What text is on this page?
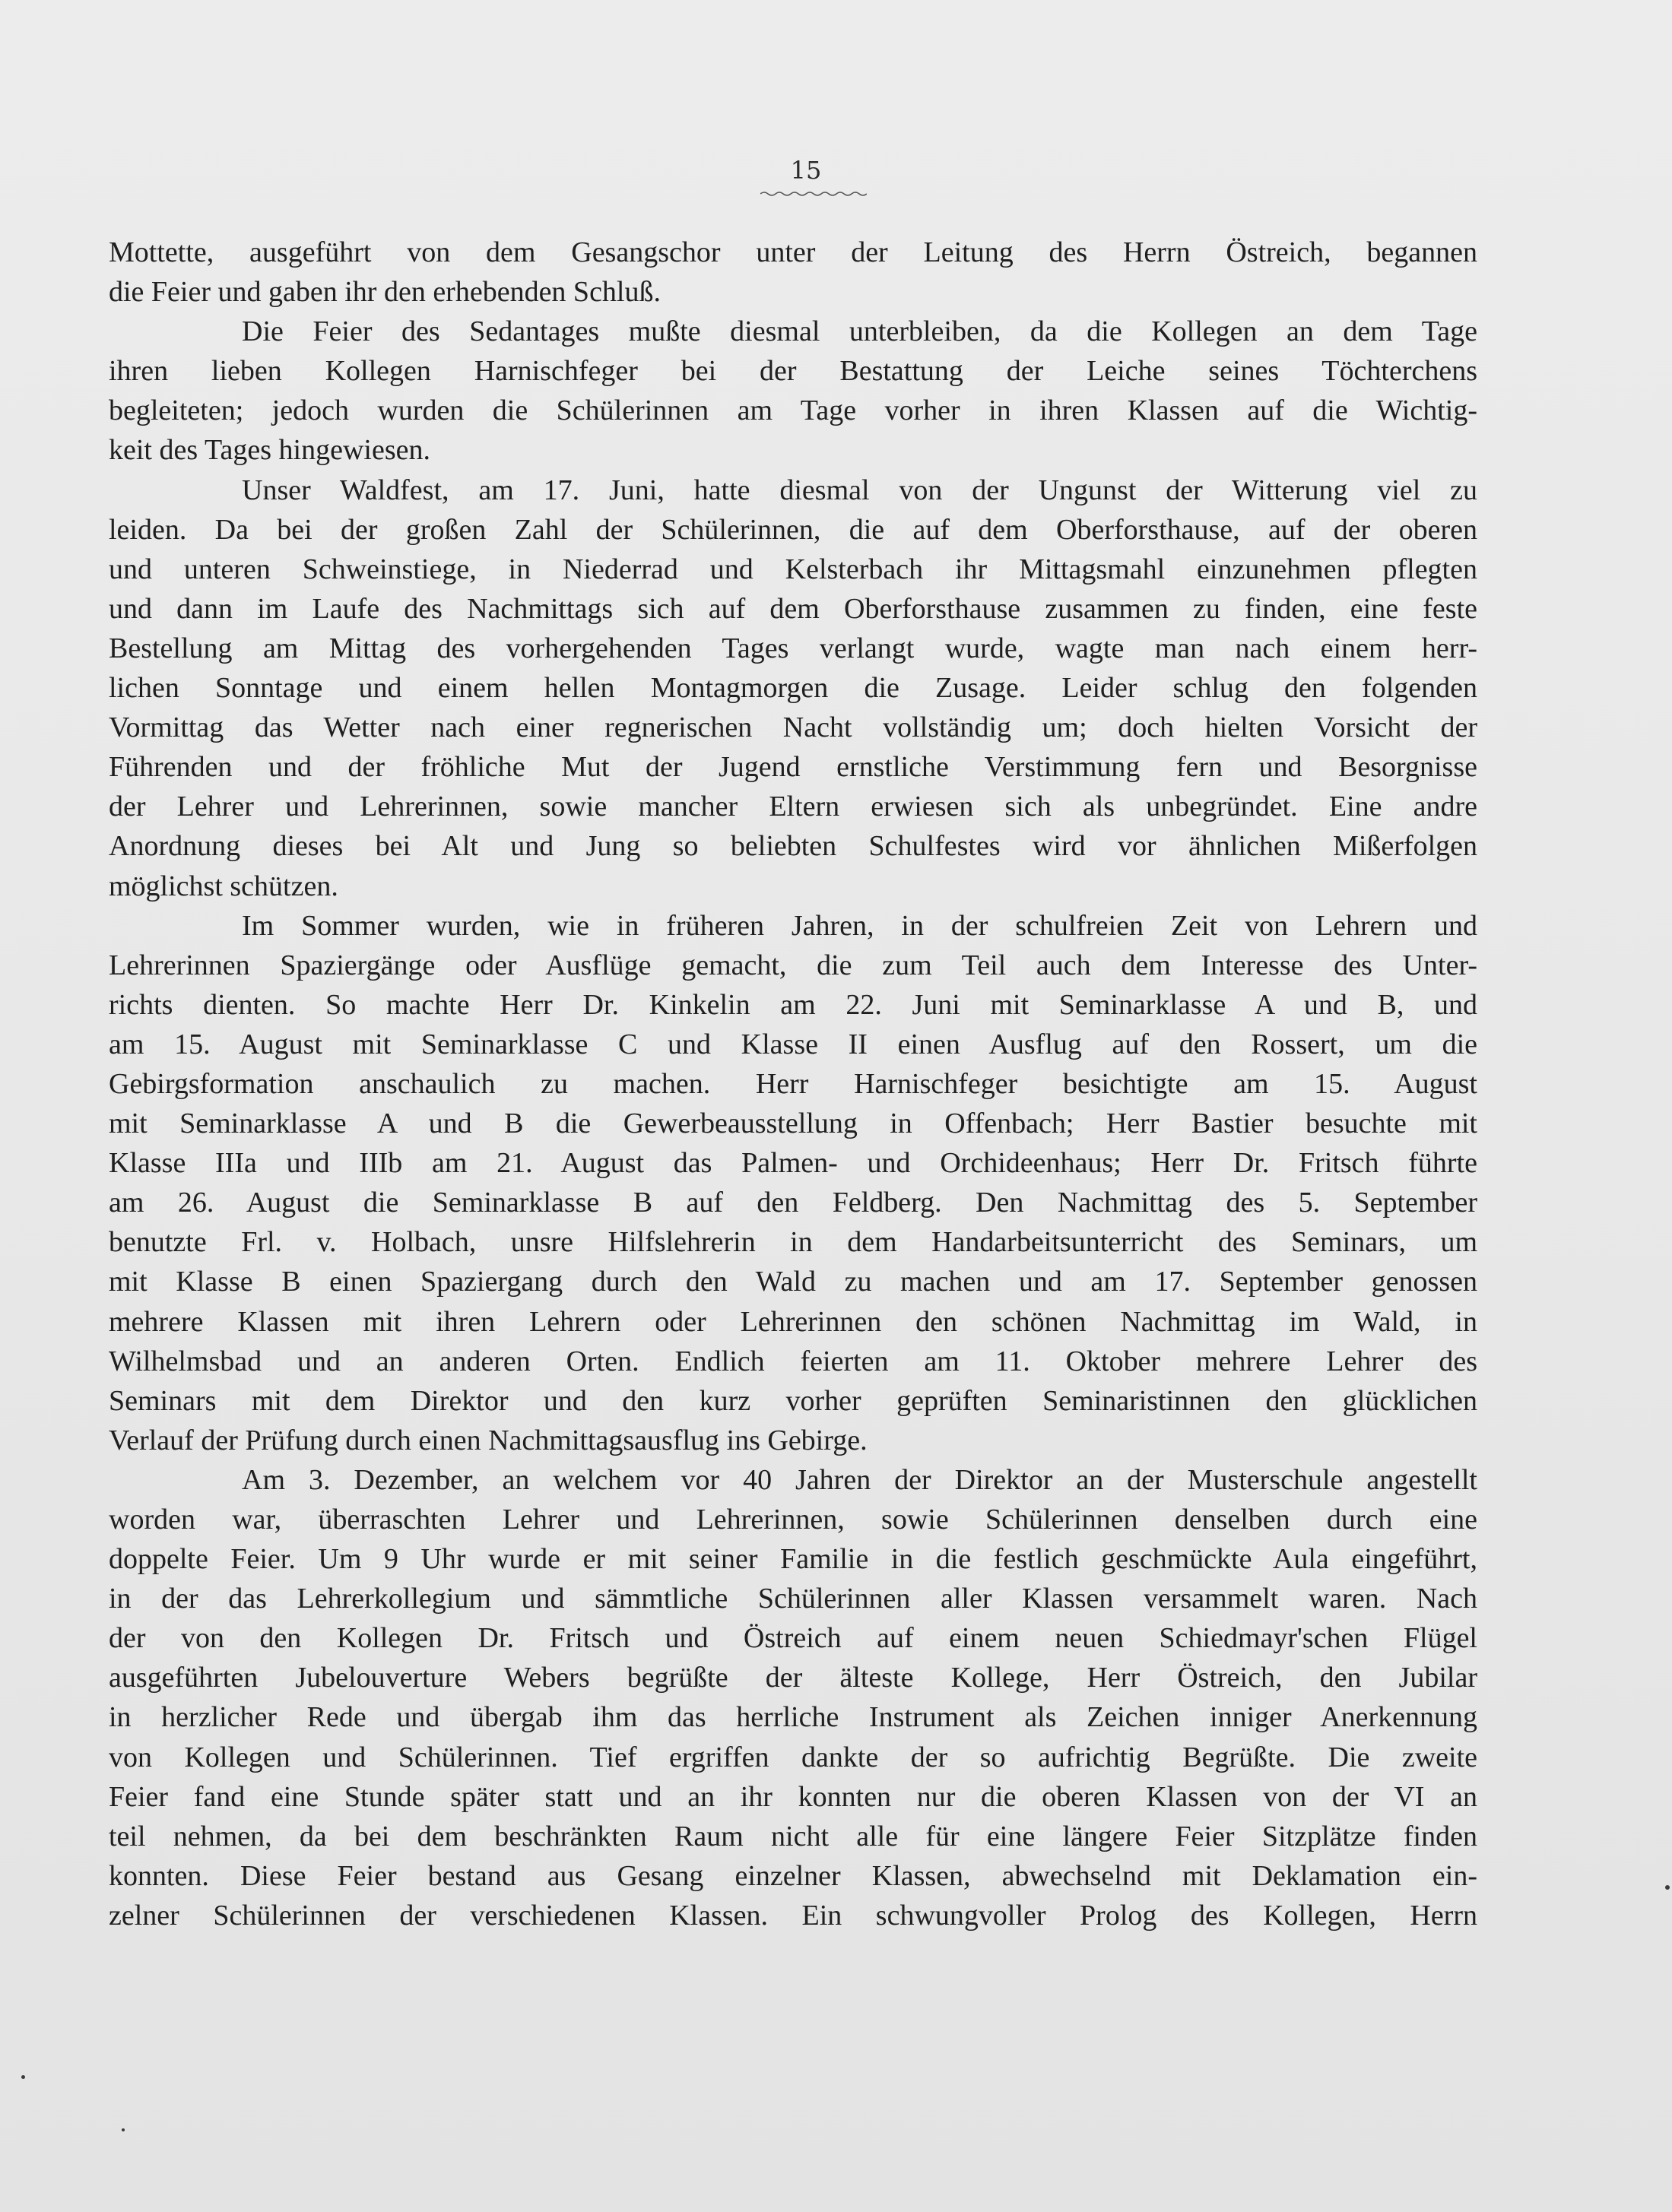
15
Mottette, ausgeführt von dem Gesangschor unter der Leitung des Herrn Östreich, begannen
die Feier und gaben ihr den erhebenden Schluß.
Die Feier des Sedantages mußte diesmal unterbleiben, da die Kollegen an dem Tage
ihren lieben Kollegen Harnischfeger bei der Bestattung der Leiche seines Töchterchens
begleiteten; jedoch wurden die Schülerinnen am Tage vorher in ihren Klassen auf die Wichtig-
keit des Tages hingewiesen.
Unser Waldfest, am 17. Juni, hatte diesmal von der Ungunst der Witterung viel zu
leiden. Da bei der großen Zahl der Schülerinnen, die auf dem Oberforsthause, auf der oberen
und unteren Schweinstiege, in Niederrad und Kelsterbach ihr Mittagsmahl einzunehmen pflegten
und dann im Laufe des Nachmittags sich auf dem Oberforsthause zusammen zu finden, eine feste
Bestellung am Mittag des vorhergehenden Tages verlangt wurde, wagte man nach einem herr-
lichen Sonntage und einem hellen Montagmorgen die Zusage. Leider schlug den folgenden
Vormittag das Wetter nach einer regnerischen Nacht vollständig um; doch hielten Vorsicht der
Führenden und der fröhliche Mut der Jugend ernstliche Verstimmung fern und Besorgnisse
der Lehrer und Lehrerinnen, sowie mancher Eltern erwiesen sich als unbegründet. Eine andre
Anordnung dieses bei Alt und Jung so beliebten Schulfestes wird vor ähnlichen Mißerfolgen
möglichst schützen.
Im Sommer wurden, wie in früheren Jahren, in der schulfreien Zeit von Lehrern und
Lehrerinnen Spaziergänge oder Ausflüge gemacht, die zum Teil auch dem Interesse des Unter-
richts dienten. So machte Herr Dr. Kinkelin am 22. Juni mit Seminarklasse A und B, und
am 15. August mit Seminarklasse C und Klasse II einen Ausflug auf den Rossert, um die
Gebirgsformation anschaulich zu machen. Herr Harnischfeger besichtigte am 15. August
mit Seminarklasse A und B die Gewerbeausstellung in Offenbach; Herr Bastier besuchte mit
Klasse IIIa und IIIb am 21. August das Palmen- und Orchideenhaus; Herr Dr. Fritsch führte
am 26. August die Seminarklasse B auf den Feldberg. Den Nachmittag des 5. September
benutzte Frl. v. Holbach, unsre Hilfslehrerin in dem Handarbeitsunterricht des Seminars, um
mit Klasse B einen Spaziergang durch den Wald zu machen und am 17. September genossen
mehrere Klassen mit ihren Lehrern oder Lehrerinnen den schönen Nachmittag im Wald, in
Wilhelmsbad und an anderen Orten. Endlich feierten am 11. Oktober mehrere Lehrer des
Seminars mit dem Direktor und den kurz vorher geprüften Seminaristinnen den glücklichen
Verlauf der Prüfung durch einen Nachmittagsausflug ins Gebirge.
Am 3. Dezember, an welchem vor 40 Jahren der Direktor an der Musterschule angestellt
worden war, überraschten Lehrer und Lehrerinnen, sowie Schülerinnen denselben durch eine
doppelte Feier. Um 9 Uhr wurde er mit seiner Familie in die festlich geschmückte Aula eingeführt,
in der das Lehrerkollegium und sämmtliche Schülerinnen aller Klassen versammelt waren. Nach
der von den Kollegen Dr. Fritsch und Östreich auf einem neuen Schiedmayr'schen Flügel
ausgeführten Jubelouverture Webers begrüßte der älteste Kollege, Herr Östreich, den Jubilar
in herzlicher Rede und übergab ihm das herrliche Instrument als Zeichen inniger Anerkennung
von Kollegen und Schülerinnen. Tief ergriffen dankte der so aufrichtig Begrüßte. Die zweite
Feier fand eine Stunde später statt und an ihr konnten nur die oberen Klassen von der VI an
teil nehmen, da bei dem beschränkten Raum nicht alle für eine längere Feier Sitzplätze finden
konnten. Diese Feier bestand aus Gesang einzelner Klassen, abwechselnd mit Deklamation ein-
zelner Schülerinnen der verschiedenen Klassen. Ein schwungvoller Prolog des Kollegen, Herrn
